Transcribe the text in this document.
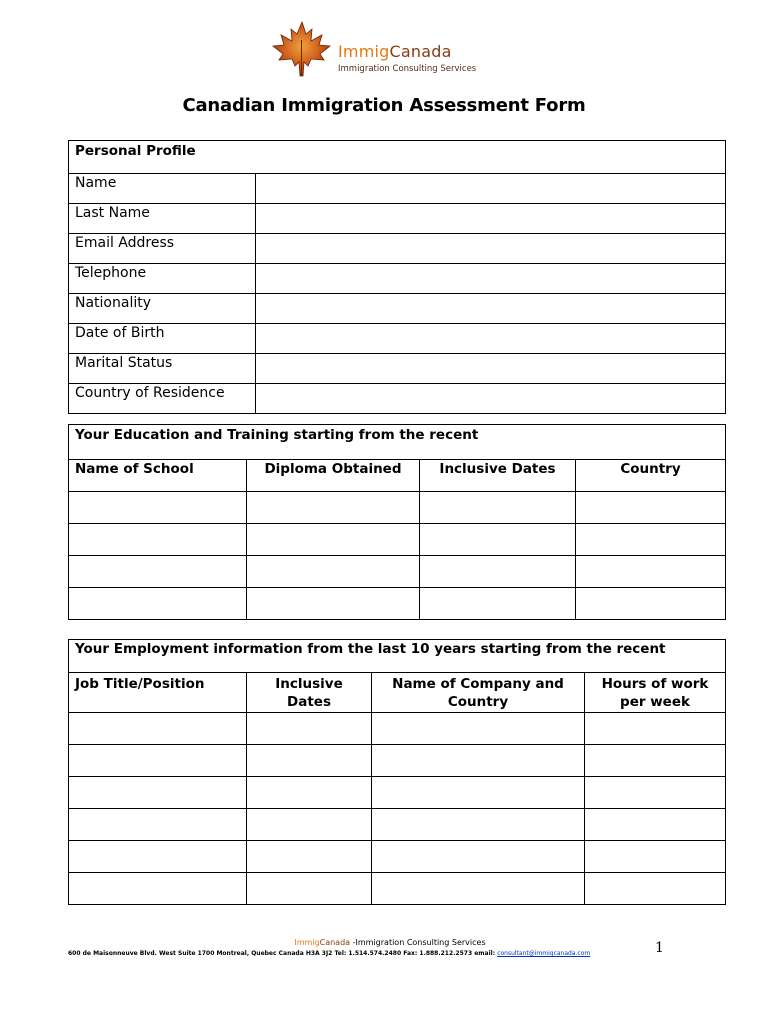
ImmigCanada
Immigration Consulting Services
Canadian Immigration Assessment Form
Personal Profile	
Name	
Last Name	
Email Address	
Telephone	
Nationality	
Date of Birth	
Marital Status	
Country of Residence	
Your Education and Training starting from the recent			
Name of School	Diploma Obtained	Inclusive Dates	Country

Your Employment information from the last 10 years starting from the recent			
Job Title/Position	Inclusive Dates	Name of Company and Country	Hours of work per week

ImmigCanada -Immigration Consulting Services
600 de Maisonneuve Blvd. West Suite 1700 Montreal, Quebec Canada H3A 3J2 Tel: 1.514.574.2480 Fax: 1.888.212.2573 email: consultant@immigcanada.com	1
